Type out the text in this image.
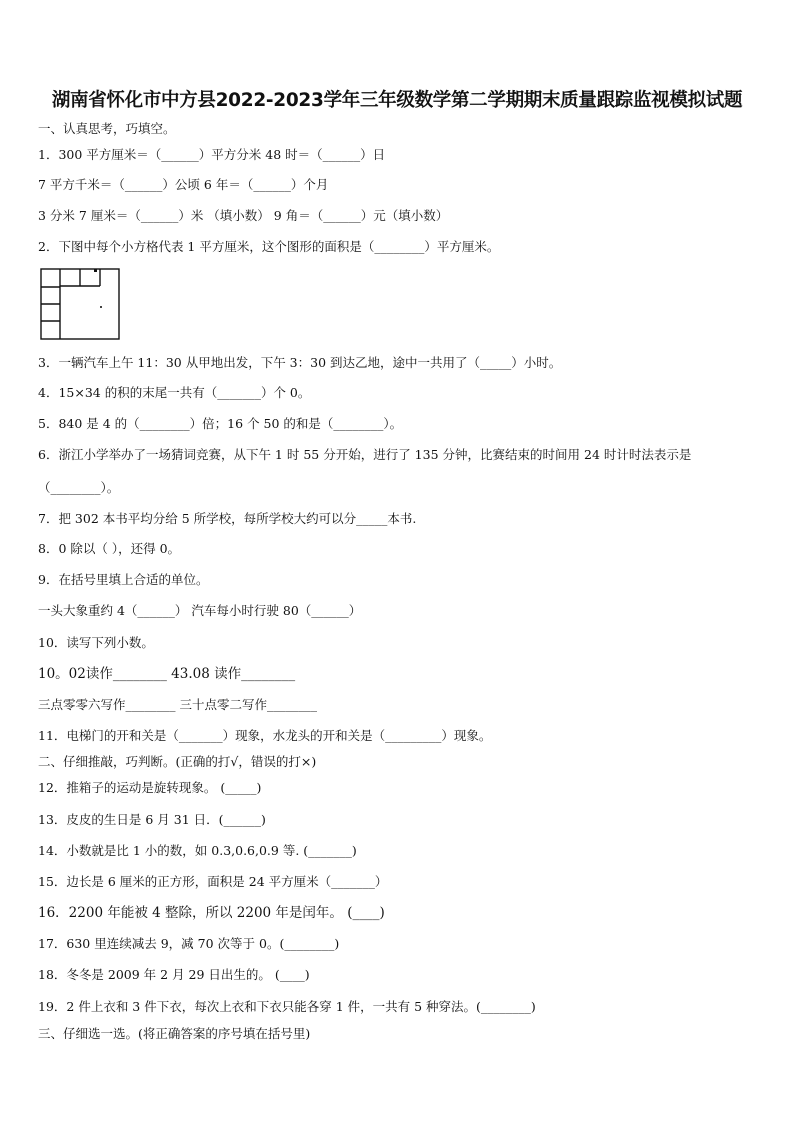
湖南省怀化市中方县2022-2023学年三年级数学第二学期期末质量跟踪监视模拟试题
一、认真思考，巧填空。
1．300 平方厘米＝（______）平方分米 48 时＝（______）日
7 平方千米＝（______）公顷 6 年＝（______）个月
3 分米 7 厘米＝（______）米 （填小数） 9 角＝（______）元（填小数）
2．下图中每个小方格代表 1 平方厘米，这个图形的面积是（________）平方厘米。
3．一辆汽车上午 11：30 从甲地出发，下午 3：30 到达乙地，途中一共用了（_____）小时。
4．15×34 的积的末尾一共有（_______）个 0。
5．840 是 4 的（________）倍；16 个 50 的和是（________）。
6．浙江小学举办了一场猜词竞赛，从下午 1 时 55 分开始，进行了 135 分钟，比赛结束的时间用 24 时计时法表示是
（________）。
7．把 302 本书平均分给 5 所学校，每所学校大约可以分_____本书.
8．0 除以（ ），还得 0。
9．在括号里填上合适的单位。
一头大象重约 4（______） 汽车每小时行驶 80（______）
10．读写下列小数。
10。02读作________ 43.08 读作________
三点零零六写作________ 三十点零二写作________
11．电梯门的开和关是（_______）现象，水龙头的开和关是（_________）现象。
二、仔细推敲，巧判断。(正确的打√，错误的打×)
12．推箱子的运动是旋转现象。 (_____)
13．皮皮的生日是 6 月 31 日．(______)
14．小数就是比 1 小的数，如 0.3,0.6,0.9 等. (_______)
15．边长是 6 厘米的正方形，面积是 24 平方厘米（_______）
16．2200 年能被 4 整除，所以 2200 年是闰年。 (____)
17．630 里连续减去 9，减 70 次等于 0。(________)
18．冬冬是 2009 年 2 月 29 日出生的。 (____)
19．2 件上衣和 3 件下衣，每次上衣和下衣只能各穿 1 件，一共有 5 种穿法。(________)
三、仔细选一选。(将正确答案的序号填在括号里)
